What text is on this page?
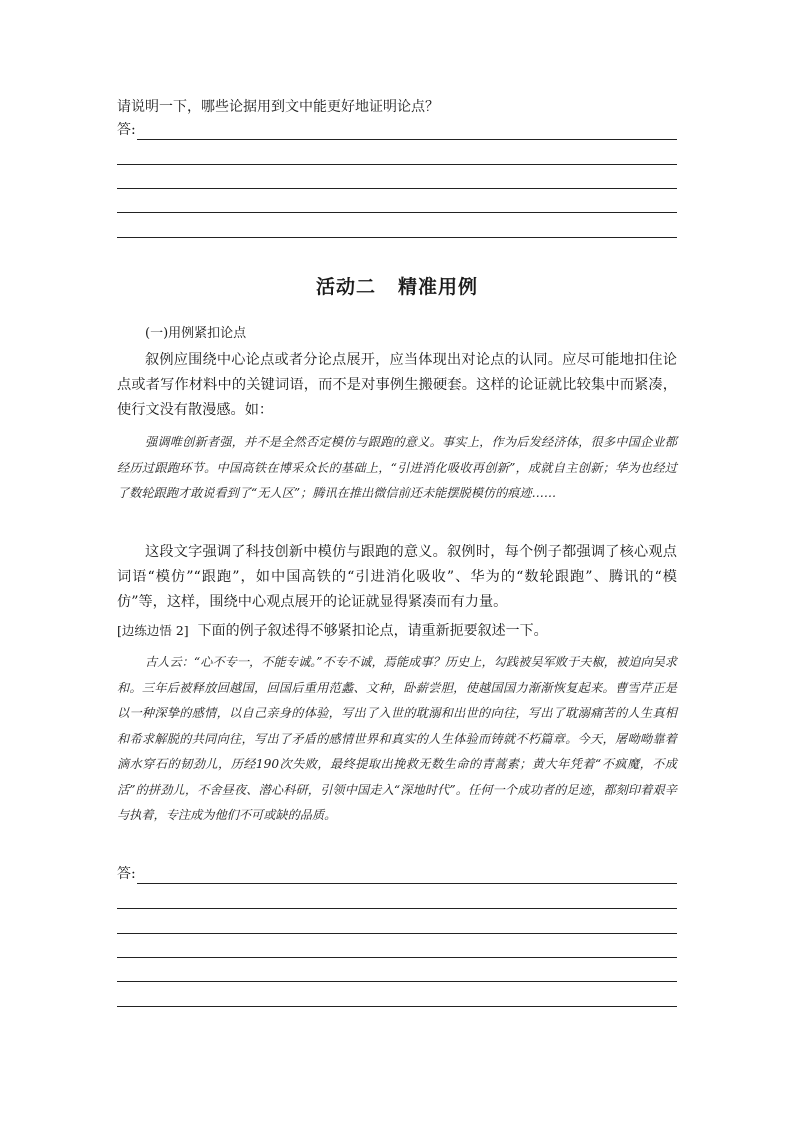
请说明一下，哪些论据用到文中能更好地证明论点？
答:
活动二 精准用例
(一)用例紧扣论点
叙例应围绕中心论点或者分论点展开，应当体现出对论点的认同。应尽可能地扣住论点或者写作材料中的关键词语，而不是对事例生搬硬套。这样的论证就比较集中而紧凑，使行文没有散漫感。如：
强调唯创新者强，并不是全然否定模仿与跟跑的意义。事实上，作为后发经济体，很多中国企业都经历过跟跑环节。中国高铁在博采众长的基础上，“引进消化吸收再创新”，成就自主创新；华为也经过了数轮跟跑才敢说看到了“无人区”；腾讯在推出微信前还未能摆脱模仿的痕迹……
这段文字强调了科技创新中模仿与跟跑的意义。叙例时，每个例子都强调了核心观点词语“模仿”“跟跑”，如中国高铁的“引进消化吸收”、华为的“数轮跟跑”、腾讯的“模仿”等，这样，围绕中心观点展开的论证就显得紧凑而有力量。
[边练边悟 2] 下面的例子叙述得不够紧扣论点，请重新扼要叙述一下。
古人云：“心不专一，不能专诚。”不专不诚，焉能成事？历史上，勾践被吴军败于夫椒，被迫向吴求和。三年后被释放回越国，回国后重用范蠡、文种，卧薪尝胆，使越国国力渐渐恢复起来。曹雪芹正是以一种深挚的感情，以自己亲身的体验，写出了入世的耽溺和出世的向往，写出了耽溺痛苦的人生真相和希求解脱的共同向往，写出了矛盾的感情世界和真实的人生体验而铸就不朽篇章。今天，屠呦呦靠着滴水穿石的韧劲儿，历经190次失败，最终提取出挽救无数生命的青蒿素；黄大年凭着“不疯魔，不成活”的拼劲儿，不舍昼夜、潜心科研，引领中国走入“深地时代”。任何一个成功者的足迹，都刻印着艰辛与执着，专注成为他们不可或缺的品质。
答:
